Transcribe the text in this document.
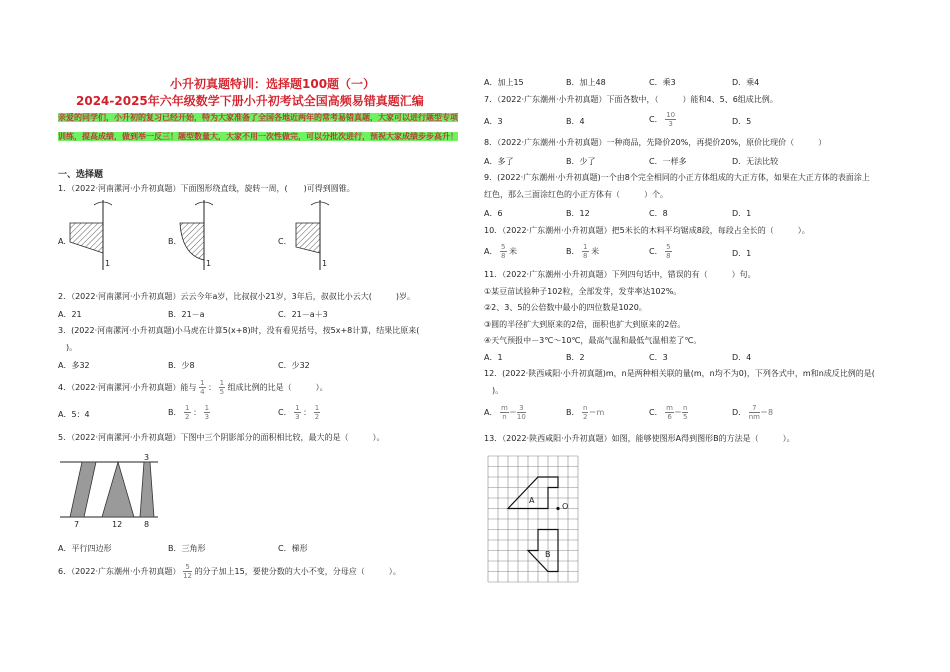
小升初真题特训：选择题100题（一）
2024-2025年六年级数学下册小升初考试全国高频易错真题汇编
亲爱的同学们，小升初的复习已经开始，特为大家准备了全国各地近两年的常考易错真题，大家可以进行题型专项训练，提高成绩，做到举一反三！题型数量大，大家不用一次性做完，可以分批次进行，预祝大家成绩步步高升！
一、选择题
1．（2022·河南漯河·小升初真题）下面图形绕直线，旋转一周，(　　)可得到圆锥。
A.	B.	C.
1	1	1
2．（2022·河南漯河·小升初真题）云云今年a岁，比叔叔小21岁，3年后，叔叔比小云大(　　　)岁。
A．21	B．21－a	C．21－a＋3
3．(2022·河南漯河·小升初真题)小马虎在计算5(x+8)时，没有看见括号，按5x+8计算，结果比原来(
　)。
A．多32	B．少8	C．少32
4．（2022·河南漯河·小升初真题）能与 $\frac{1}{4}$ ： $\frac{1}{5}$ 组成比例的比是（　　　）。
A．5：4	B． $\frac{1}{2}$ ： $\frac{1}{3}$	C． $\frac{1}{3}$ ： $\frac{1}{2}$
5．（2022·河南漯河·小升初真题）下图中三个阴影部分的面积相比较，最大的是（　　　）。
3
7	12	8
A．平行四边形	B．三角形	C．梯形
6．（2022·广东潮州·小升初真题） $\frac{5}{12}$ 的分子加上15，要使分数的大小不变，分母应（　　　）。
A．加上15	B．加上48	C．乘3	D．乘4
7．（2022·广东潮州·小升初真题）下面各数中，（　　　）能和4、5、6组成比例。
A．3	B．4	C． $\frac{10}{3}$	D．5
8．（2022·广东潮州·小升初真题）一种商品，先降价20%，再提价20%，原价比现价（　　　）
A．多了	B．少了	C．一样多	D．无法比较
9．(2022·广东潮州·小升初真题)一个由8个完全相同的小正方体组成的大正方体，如果在大正方体的表面涂上
红色，那么三面涂红色的小正方体有（　　　）个。
A．6	B．12	C．8	D．1
10．（2022·广东潮州·小升初真题）把5米长的木料平均锯成8段，每段占全长的（　　　）。
A． $\frac{5}{8}$ 米	B． $\frac{1}{8}$ 米	C． $\frac{5}{8}$	D．1
11．（2022·广东潮州·小升初真题）下列四句话中，错误的有（　　　）句。
①某豆苗试验种子102粒，全部发芽，发芽率达102%。
②2、3、5的公倍数中最小的四位数是1020。
③圆的半径扩大到原来的2倍，面积也扩大到原来的2倍。
④天气预报中－3℃～10℃，最高气温和最低气温相差了℃。
A．1	B．2	C．3	D．4
12．(2022·陕西咸阳·小升初真题)m，n是两种相关联的量(m，n均不为0)，下列各式中，m和n成反比例的是(
　)。
A． $\frac{m}{n} = \frac{3}{10}$	B． $\frac{n}{2} =m$	C． $\frac{m}{6} = \frac{n}{5}$	D． $\frac{7}{nm} =8$
13．（2022·陕西咸阳·小升初真题）如图，能够使图形A得到图形B的方法是（　　　）。
A
B
O
